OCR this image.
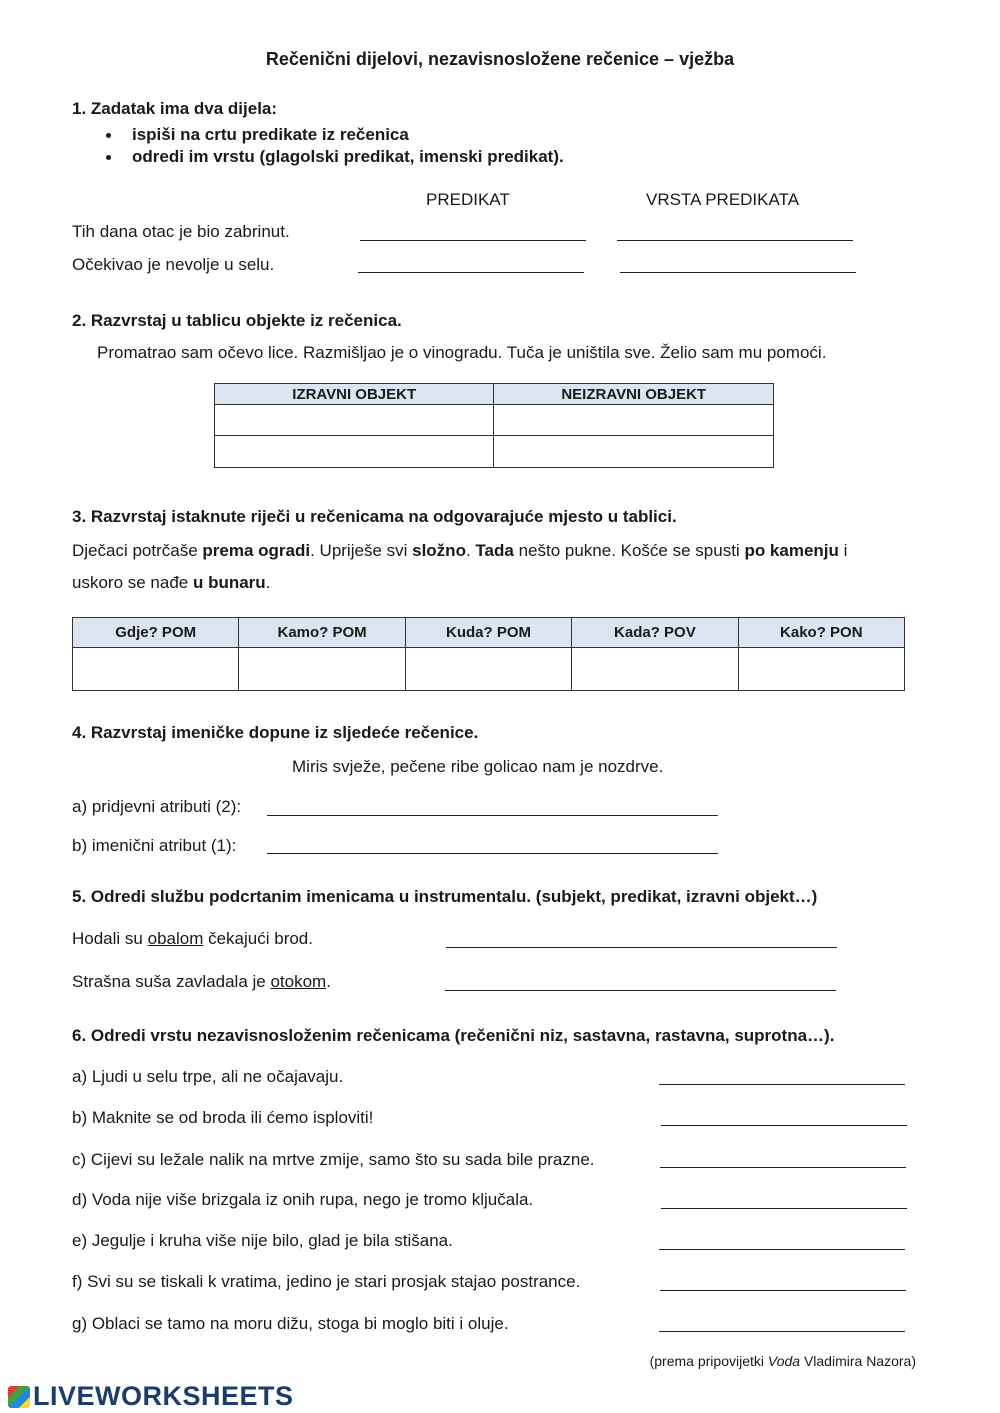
Rečenični dijelovi, nezavisnosložene rečenice – vježba
1. Zadatak ima dva dijela:
ispiši na crtu predikate iz rečenica
odredi im vrstu (glagolski predikat, imenski predikat).
PREDIKAT	VRSTA PREDIKATA
Tih dana otac je bio zabrinut.
Očekivao je nevolje u selu.
2. Razvrstaj u tablicu objekte iz rečenica.
Promatrao sam očevo lice. Razmišljao je o vinogradu. Tuča je uništila sve. Želio sam mu pomoći.
IZRAVNI OBJEKT	NEIZRAVNI OBJEKT

3. Razvrstaj istaknute riječi u rečenicama na odgovarajuće mjesto u tablici.
Dječaci potrčaše prema ogradi. Upriješe svi složno. Tada nešto pukne. Košće se spusti po kamenju i
uskoro se nađe u bunaru.
Gdje? POM	Kamo? POM	Kuda? POM	Kada? POV	Kako? PON

4. Razvrstaj imeničke dopune iz sljedeće rečenice.
Miris svježe, pečene ribe golicao nam je nozdrve.
a) pridjevni atributi (2):
b) imenični atribut (1):
5. Odredi službu podcrtanim imenicama u instrumentalu. (subjekt, predikat, izravni objekt…)
Hodali su obalom čekajući brod.
Strašna suša zavladala je otokom.
6. Odredi vrstu nezavisnosloženim rečenicama (rečenični niz, sastavna, rastavna, suprotna…).
a) Ljudi u selu trpe, ali ne očajavaju.
b) Maknite se od broda ili ćemo isploviti!
c) Cijevi su ležale nalik na mrtve zmije, samo što su sada bile prazne.
d) Voda nije više brizgala iz onih rupa, nego je tromo ključala.
e) Jegulje i kruha više nije bilo, glad je bila stišana.
f) Svi su se tiskali k vratima, jedino je stari prosjak stajao postrance.
g) Oblaci se tamo na moru dižu, stoga bi moglo biti i oluje.
(prema pripovijetki Voda Vladimira Nazora)
LIVEWORKSHEETS
